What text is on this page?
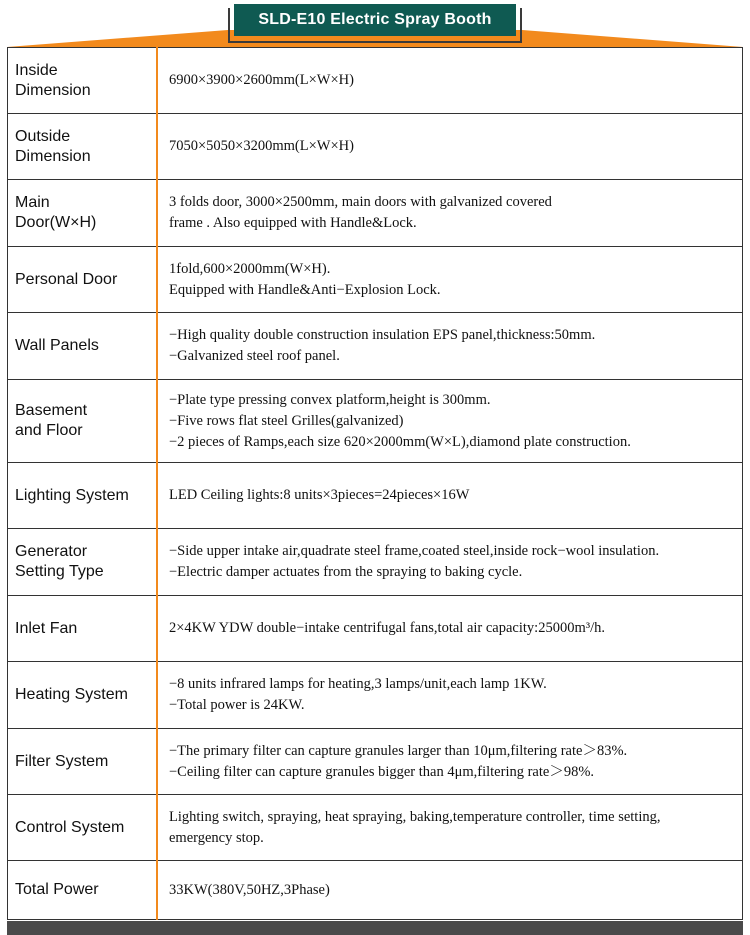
SLD-E10 Electric Spray Booth
Inside
Dimension	6900×3900×2600mm(L×W×H)

Outside
Dimension	7050×5050×3200mm(L×W×H)

Main
Door(W×H)	3 folds door, 3000×2500mm, main doors with galvanized covered
frame . Also equipped with Handle&Lock.

Personal Door	1fold,600×2000mm(W×H).
Equipped with Handle&Anti−Explosion Lock.

Wall Panels	−High quality double construction insulation EPS panel,thickness:50mm.
−Galvanized steel roof panel.

Basement
and Floor	−Plate type pressing convex platform,height is 300mm.
−Five rows flat steel Grilles(galvanized)
−2 pieces of Ramps,each size 620×2000mm(W×L),diamond plate construction.

Lighting System	LED Ceiling lights:8 units×3pieces=24pieces×16W

Generator
Setting Type	−Side upper intake air,quadrate steel frame,coated steel,inside rock−wool insulation.
−Electric damper actuates from the spraying to baking cycle.

Inlet Fan	2×4KW YDW double−intake centrifugal fans,total air capacity:25000m³/h.

Heating System	−8 units infrared lamps for heating,3 lamps/unit,each lamp 1KW.
−Total power is 24KW.

Filter System	−The primary filter can capture granules larger than 10μm,filtering rate＞83%.
−Ceiling filter can capture granules bigger than 4μm,filtering rate＞98%.

Control System	Lighting switch, spraying, heat spraying, baking,temperature controller, time setting,
emergency stop.

Total Power	33KW(380V,50HZ,3Phase)
